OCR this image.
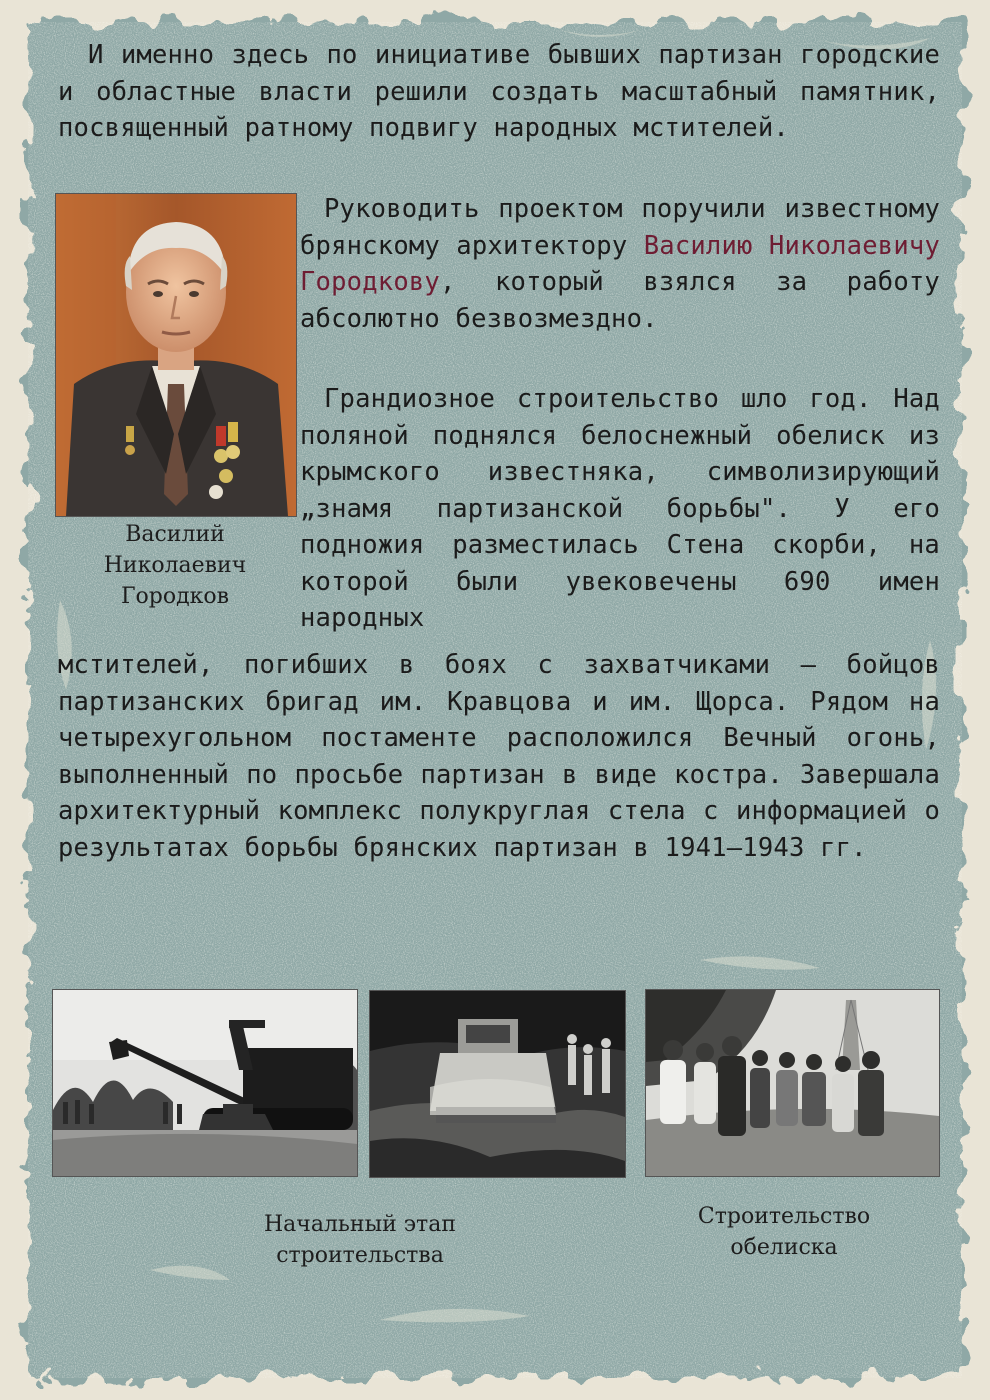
И именно здесь по инициативе бывших партизан городские и областные власти решили создать масштабный памятник, посвященный ратному подвигу народных мстителей.

Василий
Николаевич
Городков

Руководить проектом поручили известному брянскому архитектору Василию Николаевичу Городкову, который взялся за работу абсолютно безвозмездно.

Грандиозное строительство шло год. Над поляной поднялся белоснежный обелиск из крымского известняка, символизирующий „знамя партизанской борьбы". У его подножия разместилась Стена скорби, на которой были увековечены 690 имен народных

мстителей, погибших в боях с захватчиками – бойцов партизанских бригад им. Кравцова и им. Щорса. Рядом на четырехугольном постаменте расположился Вечный огонь, выполненный по просьбе партизан в виде костра. Завершала архитектурный комплекс полукруглая стела с информацией о результатах борьбы брянских партизан в 1941–1943 гг.

Начальный этап
строительства
Строительство
обелиска
